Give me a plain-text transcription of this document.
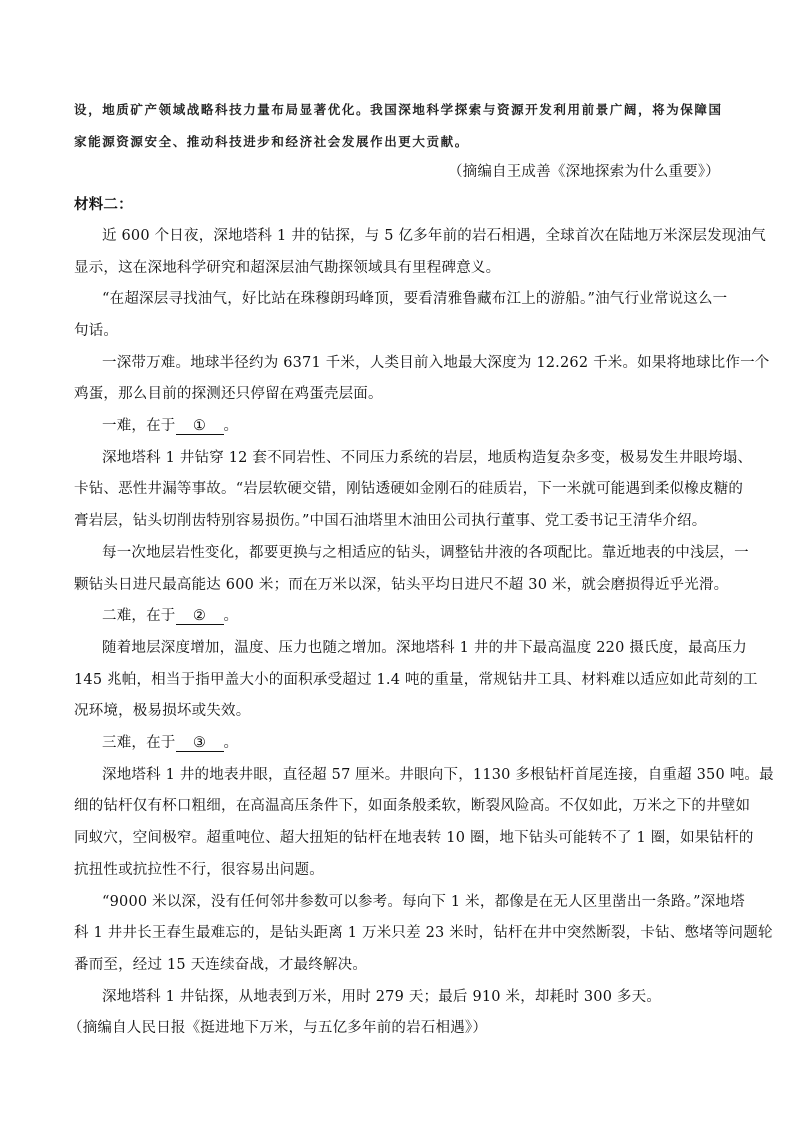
设，地质矿产领域战略科技力量布局显著优化。我国深地科学探索与资源开发利用前景广阔，将为保障国
家能源资源安全、推动科技进步和经济社会发展作出更大贡献。
（摘编自王成善《深地探索为什么重要》）
材料二：
近 600 个日夜，深地塔科 1 井的钻探，与 5 亿多年前的岩石相遇，全球首次在陆地万米深层发现油气
显示，这在深地科学研究和超深层油气勘探领域具有里程碑意义。
“在超深层寻找油气，好比站在珠穆朗玛峰顶，要看清雅鲁藏布江上的游船。”油气行业常说这么一
句话。
一深带万难。地球半径约为 6371 千米，人类目前入地最大深度为 12.262 千米。如果将地球比作一个
鸡蛋，那么目前的探测还只停留在鸡蛋壳层面。
一难，在于 ① 。
深地塔科 1 井钻穿 12 套不同岩性、不同压力系统的岩层，地质构造复杂多变，极易发生井眼垮塌、
卡钻、恶性井漏等事故。“岩层软硬交错，刚钻透硬如金刚石的硅质岩，下一米就可能遇到柔似橡皮糖的
膏岩层，钻头切削齿特别容易损伤。”中国石油塔里木油田公司执行董事、党工委书记王清华介绍。
每一次地层岩性变化，都要更换与之相适应的钻头，调整钻井液的各项配比。靠近地表的中浅层，一
颗钻头日进尺最高能达 600 米；而在万米以深，钻头平均日进尺不超 30 米，就会磨损得近乎光滑。
二难，在于 ② 。
随着地层深度增加，温度、压力也随之增加。深地塔科 1 井的井下最高温度 220 摄氏度，最高压力
145 兆帕，相当于指甲盖大小的面积承受超过 1.4 吨的重量，常规钻井工具、材料难以适应如此苛刻的工
况环境，极易损坏或失效。
三难，在于 ③ 。
深地塔科 1 井的地表井眼，直径超 57 厘米。井眼向下，1130 多根钻杆首尾连接，自重超 350 吨。最
细的钻杆仅有杯口粗细，在高温高压条件下，如面条般柔软，断裂风险高。不仅如此，万米之下的井壁如
同蚁穴，空间极窄。超重吨位、超大扭矩的钻杆在地表转 10 圈，地下钻头可能转不了 1 圈，如果钻杆的
抗扭性或抗拉性不行，很容易出问题。
“9000 米以深，没有任何邻井参数可以参考。每向下 1 米，都像是在无人区里凿出一条路。”深地塔
科 1 井井长王春生最难忘的，是钻头距离 1 万米只差 23 米时，钻杆在井中突然断裂，卡钻、憋堵等问题轮
番而至，经过 15 天连续奋战，才最终解决。
深地塔科 1 井钻探，从地表到万米，用时 279 天；最后 910 米，却耗时 300 多天。
（摘编自人民日报《挺进地下万米，与五亿多年前的岩石相遇》）
